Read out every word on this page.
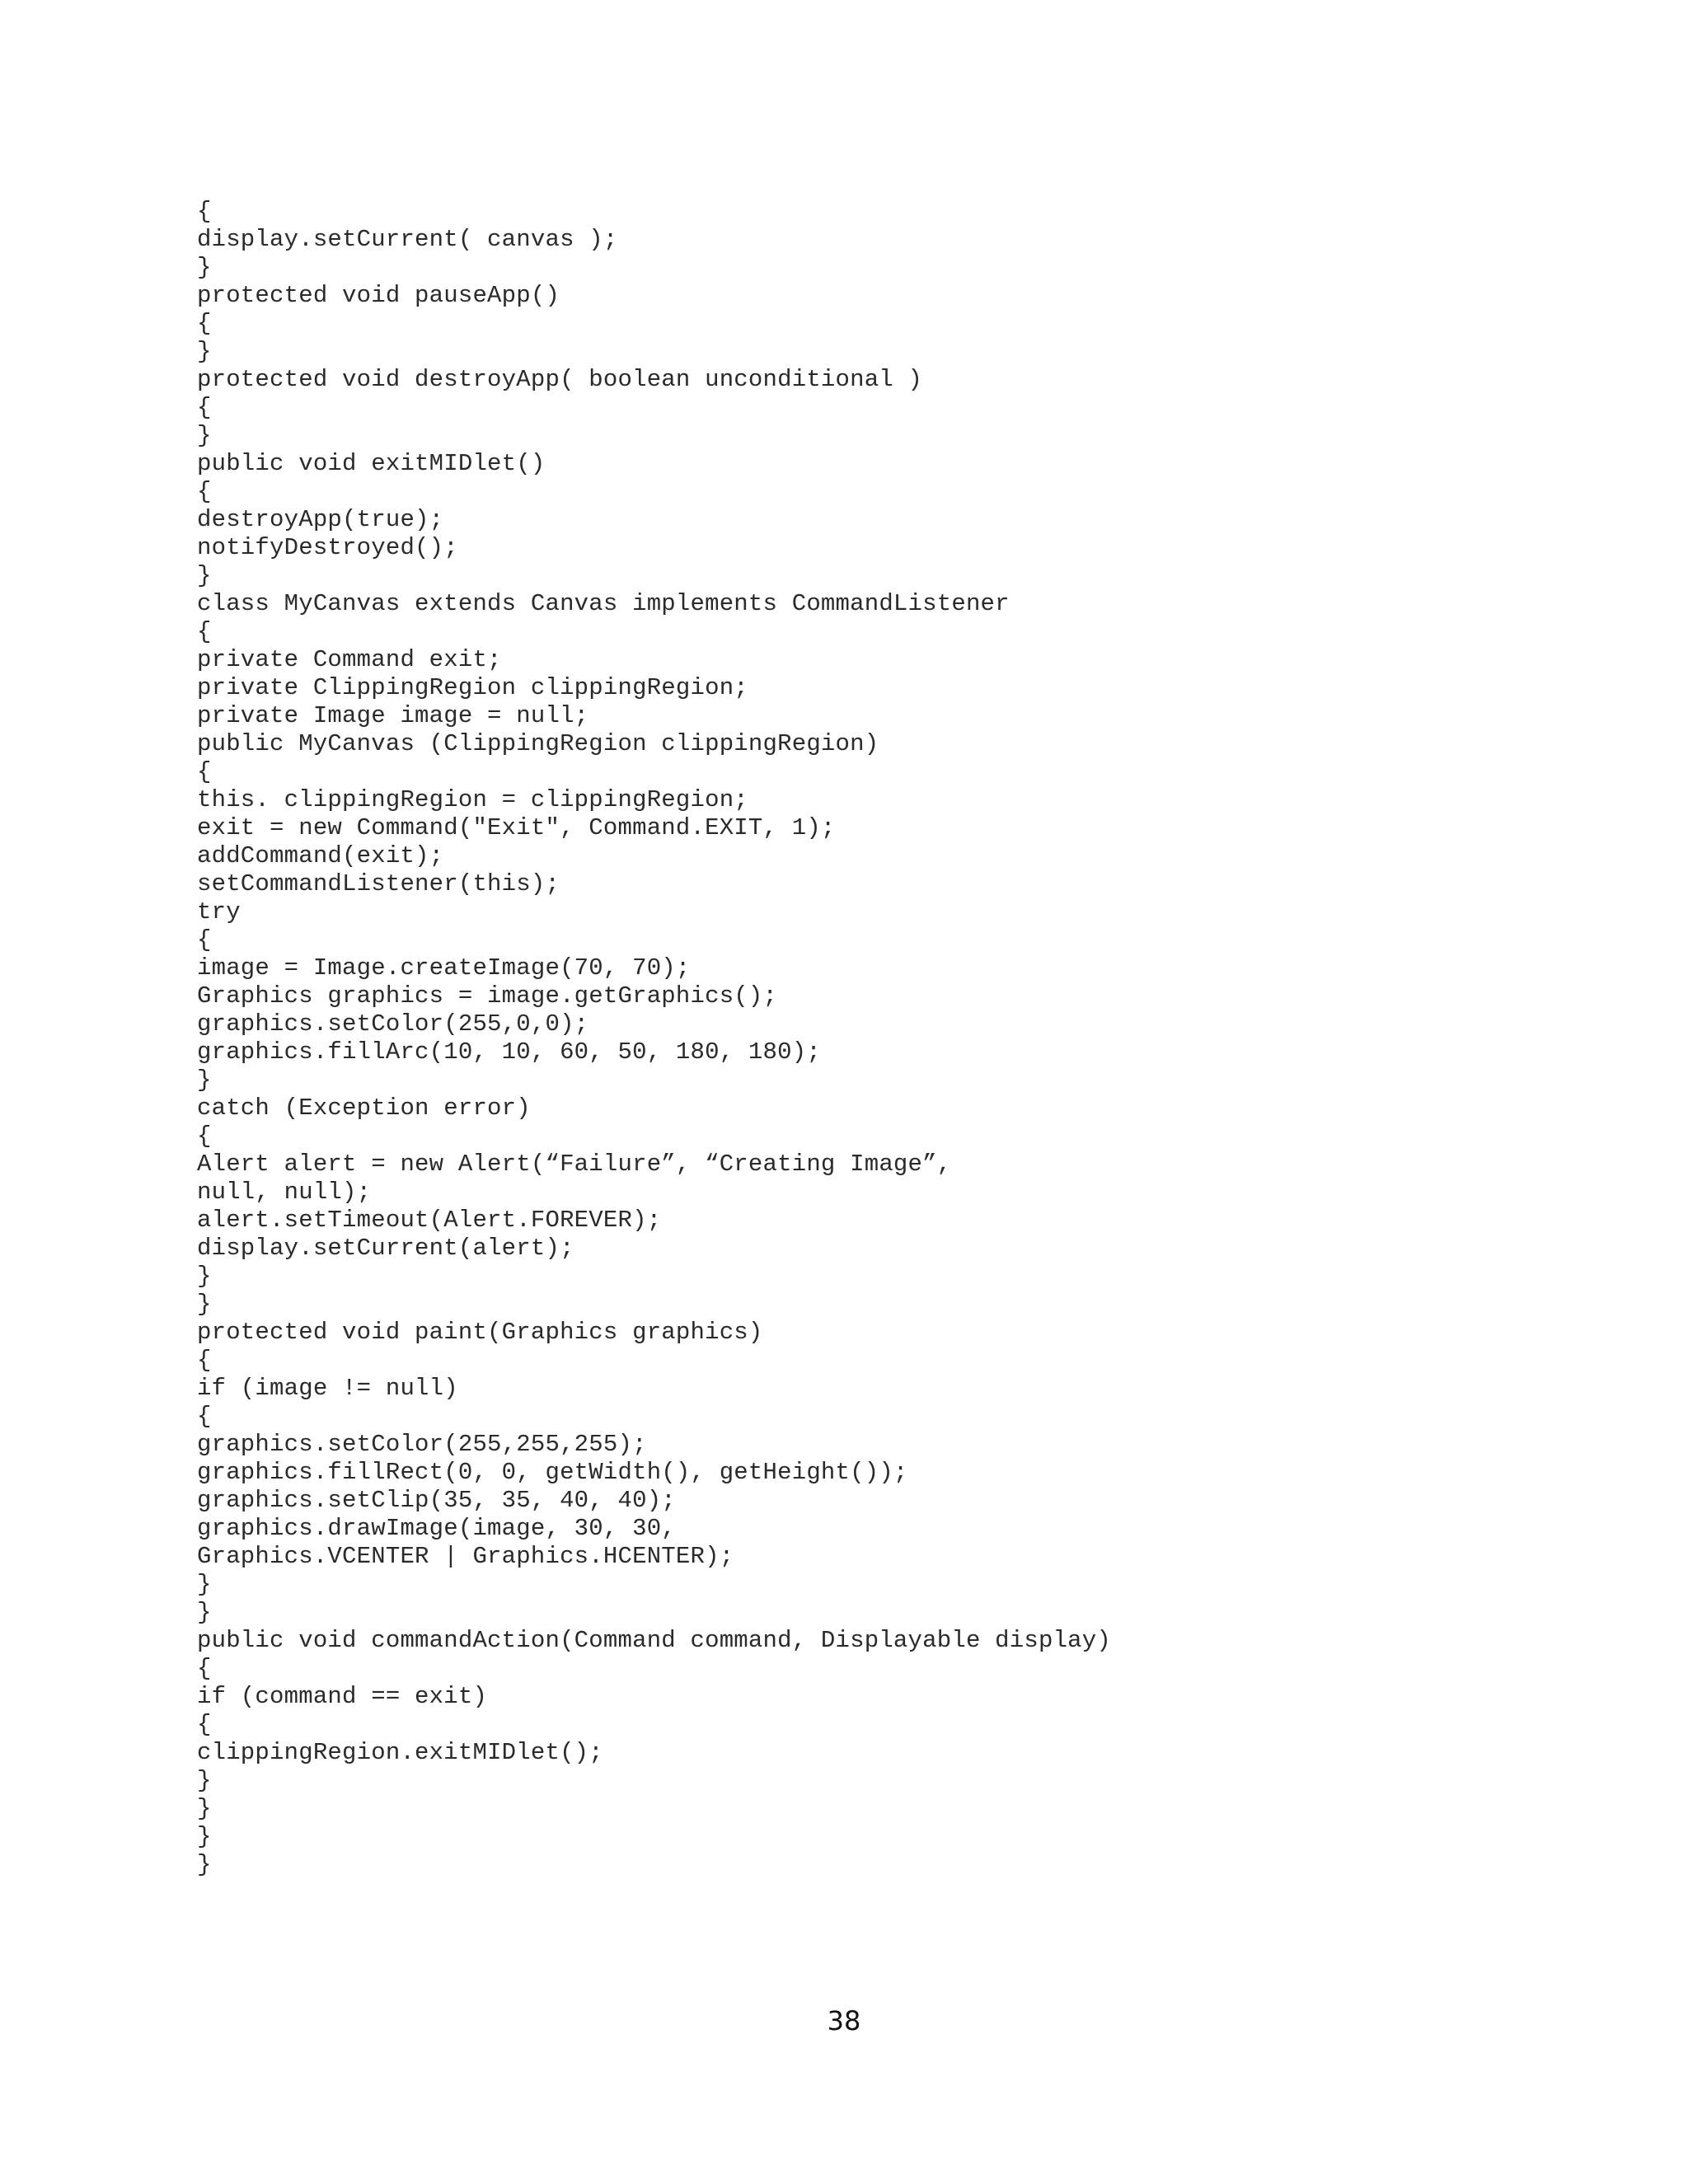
{
display.setCurrent( canvas );
}
protected void pauseApp()
{
}
protected void destroyApp( boolean unconditional )
{
}
public void exitMIDlet()
{
destroyApp(true);
notifyDestroyed();
}
class MyCanvas extends Canvas implements CommandListener
{
private Command exit;
private ClippingRegion clippingRegion;
private Image image = null;
public MyCanvas (ClippingRegion clippingRegion)
{
this. clippingRegion = clippingRegion;
exit = new Command("Exit", Command.EXIT, 1);
addCommand(exit);
setCommandListener(this);
try
{
image = Image.createImage(70, 70);
Graphics graphics = image.getGraphics();
graphics.setColor(255,0,0);
graphics.fillArc(10, 10, 60, 50, 180, 180);
}
catch (Exception error)
{
Alert alert = new Alert(“Failure”, “Creating Image”,
null, null);
alert.setTimeout(Alert.FOREVER);
display.setCurrent(alert);
}
}
protected void paint(Graphics graphics)
{
if (image != null)
{
graphics.setColor(255,255,255);
graphics.fillRect(0, 0, getWidth(), getHeight());
graphics.setClip(35, 35, 40, 40);
graphics.drawImage(image, 30, 30,
Graphics.VCENTER | Graphics.HCENTER);
}
}
public void commandAction(Command command, Displayable display)
{
if (command == exit)
{
clippingRegion.exitMIDlet();
}
}
}
}
38
